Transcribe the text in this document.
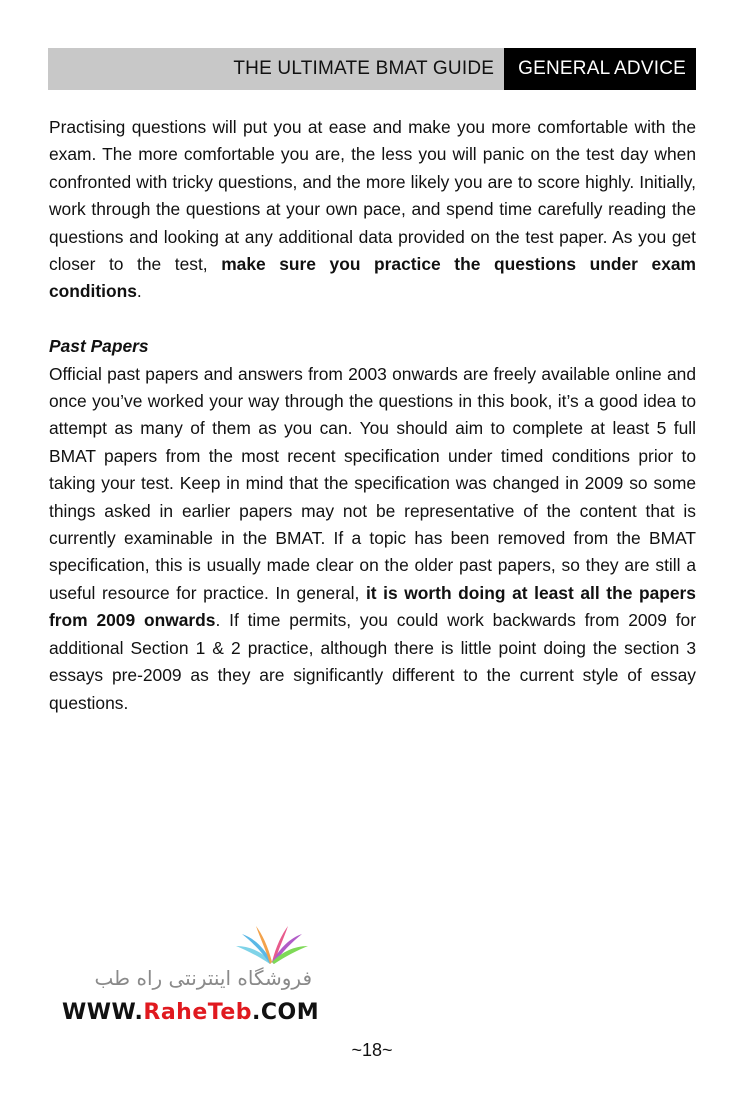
THE ULTIMATE BMAT GUIDE	GENERAL ADVICE

Practising questions will put you at ease and make you more comfortable with the exam. The more comfortable you are, the less you will panic on the test day when confronted with tricky questions, and the more likely you are to score highly. Initially, work through the questions at your own pace, and spend time carefully reading the questions and looking at any additional data provided on the test paper. As you get closer to the test, make sure you practice the questions under exam conditions.

Past Papers

Official past papers and answers from 2003 onwards are freely available online and once you’ve worked your way through the questions in this book, it’s a good idea to attempt as many of them as you can. You should aim to complete at least 5 full BMAT papers from the most recent specification under timed conditions prior to taking your test. Keep in mind that the specification was changed in 2009 so some things asked in earlier papers may not be representative of the content that is currently examinable in the BMAT. If a topic has been removed from the BMAT specification, this is usually made clear on the older past papers, so they are still a useful resource for practice. In general, it is worth doing at least all the papers from 2009 onwards. If time permits, you could work backwards from 2009 for additional Section 1 & 2 practice, although there is little point doing the section 3 essays pre-2009 as they are significantly different to the current style of essay questions.

فروشگاه اینترنتی راه طب
WWW.RaheTeb.COM
~18~
